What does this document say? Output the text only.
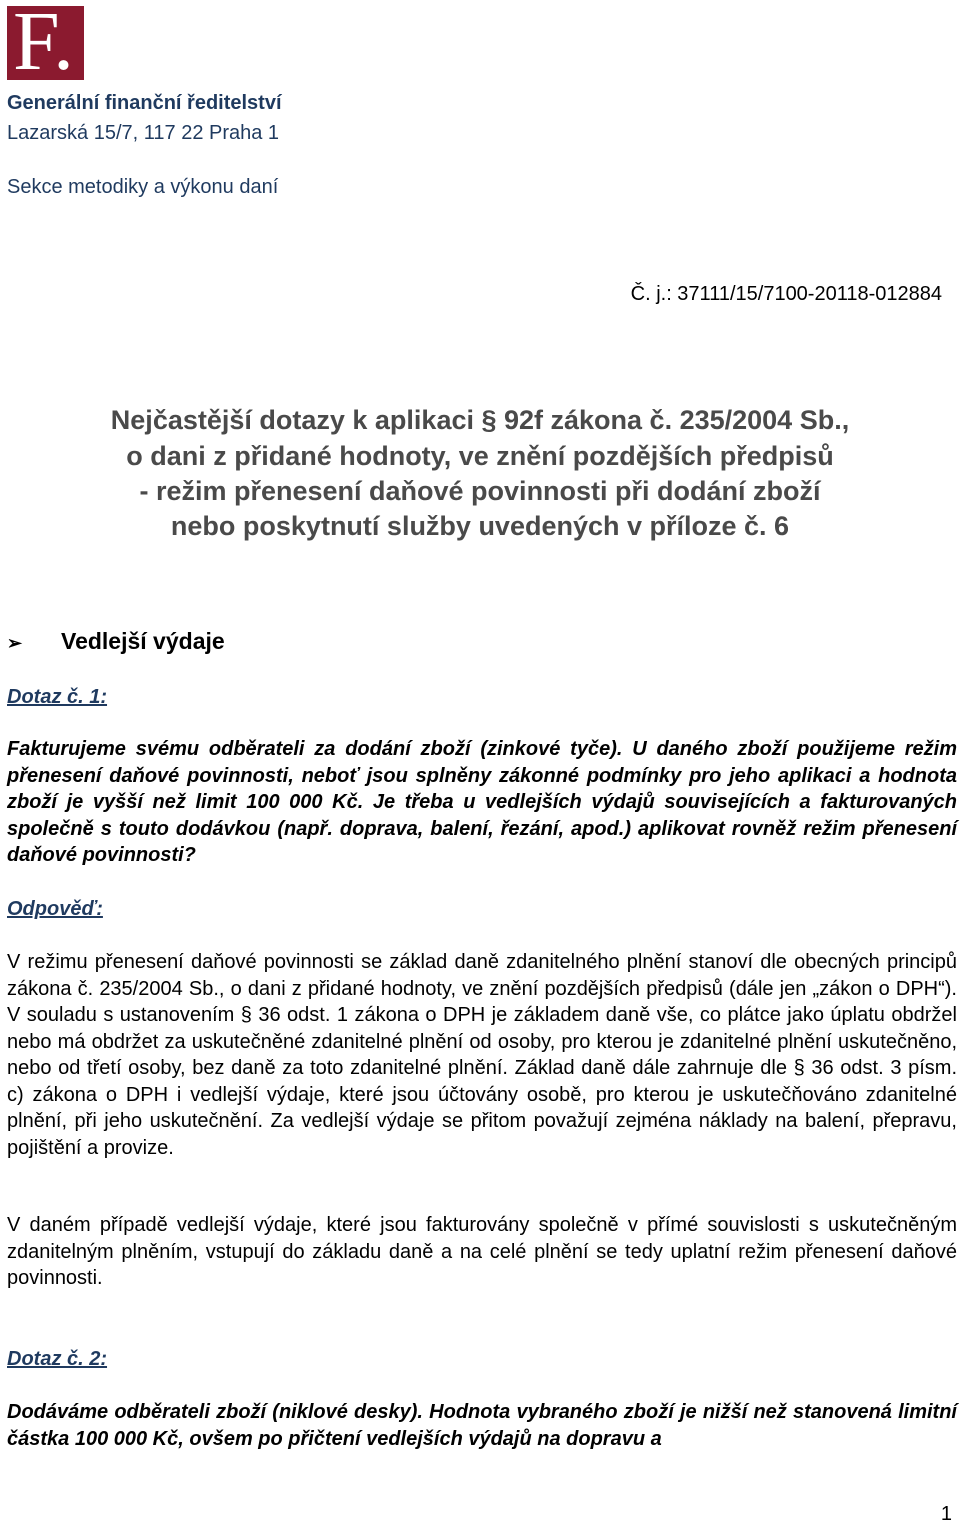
F.
Generální finanční ředitelství
Lazarská 15/7, 117 22 Praha 1
Sekce metodiky a výkonu daní
Č. j.: 37111/15/7100-20118-012884
Nejčastější dotazy k aplikaci § 92f zákona č. 235/2004 Sb.,
o dani z přidané hodnoty, ve znění pozdějších předpisů
- režim přenesení daňové povinnosti při dodání zboží
nebo poskytnutí služby uvedených v příloze č. 6
➢ Vedlejší výdaje
Dotaz č. 1:
Fakturujeme svému odběrateli za dodání zboží (zinkové tyče). U daného zboží použijeme režim přenesení daňové povinnosti, neboť jsou splněny zákonné podmínky pro jeho aplikaci a hodnota zboží je vyšší než limit 100 000 Kč. Je třeba u vedlejších výdajů souvisejících a fakturovaných společně s touto dodávkou (např. doprava, balení, řezání, apod.) aplikovat rovněž režim přenesení daňové povinnosti?
Odpověď:
V režimu přenesení daňové povinnosti se základ daně zdanitelného plnění stanoví dle obecných principů zákona č. 235/2004 Sb., o dani z přidané hodnoty, ve znění pozdějších předpisů (dále jen „zákon o DPH“). V souladu s ustanovením § 36 odst. 1 zákona o DPH je základem daně vše, co plátce jako úplatu obdržel nebo má obdržet za uskutečněné zdanitelné plnění od osoby, pro kterou je zdanitelné plnění uskutečněno, nebo od třetí osoby, bez daně za toto zdanitelné plnění. Základ daně dále zahrnuje dle § 36 odst. 3 písm. c) zákona o DPH i vedlejší výdaje, které jsou účtovány osobě, pro kterou je uskutečňováno zdanitelné plnění, při jeho uskutečnění. Za vedlejší výdaje se přitom považují zejména náklady na balení, přepravu, pojištění a provize.
V daném případě vedlejší výdaje, které jsou fakturovány společně v přímé souvislosti s uskutečněným zdanitelným plněním, vstupují do základu daně a na celé plnění se tedy uplatní režim přenesení daňové povinnosti.
Dotaz č. 2:
Dodáváme odběrateli zboží (niklové desky). Hodnota vybraného zboží je nižší než stanovená limitní částka 100 000 Kč, ovšem po přičtení vedlejších výdajů na dopravu a
1
